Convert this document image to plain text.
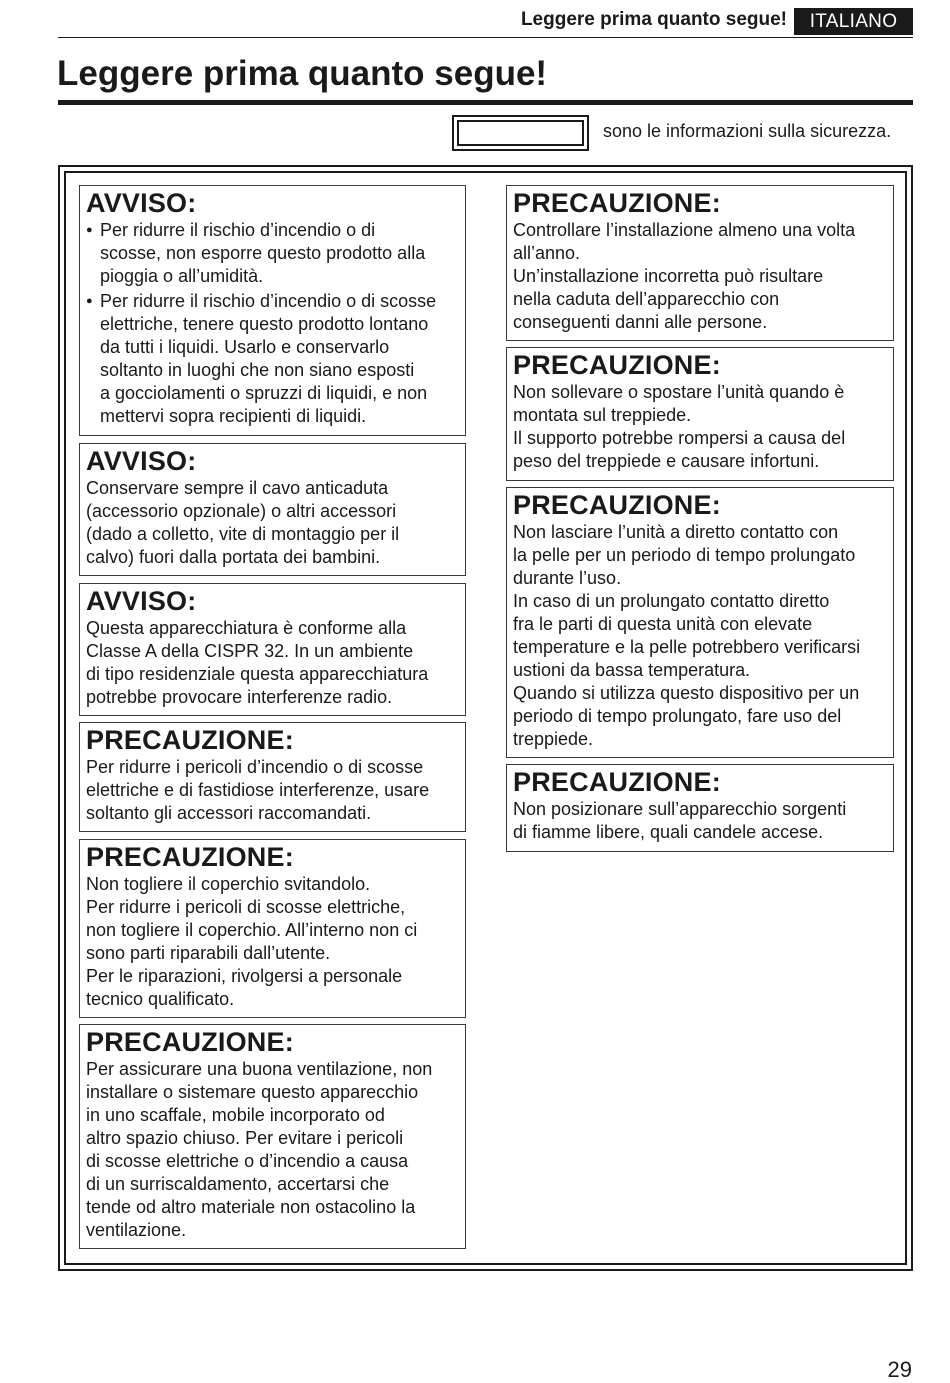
Leggere prima quanto segue!	ITALIANO
Leggere prima quanto segue!
sono le informazioni sulla sicurezza.
AVVISO:
● Per ridurre il rischio d’incendio o di
scosse, non esporre questo prodotto alla
pioggia o all’umidità.
● Per ridurre il rischio d’incendio o di scosse
elettriche, tenere questo prodotto lontano
da tutti i liquidi. Usarlo e conservarlo
soltanto in luoghi che non siano esposti
a gocciolamenti o spruzzi di liquidi, e non
mettervi sopra recipienti di liquidi.
AVVISO:

Conservare sempre il cavo anticaduta
(accessorio opzionale) o altri accessori
(dado a colletto, vite di montaggio per il
calvo) fuori dalla portata dei bambini.

AVVISO:

Questa apparecchiatura è conforme alla
Classe A della CISPR 32. In un ambiente
di tipo residenziale questa apparecchiatura
potrebbe provocare interferenze radio.

PRECAUZIONE:

Per ridurre i pericoli d’incendio o di scosse
elettriche e di fastidiose interferenze, usare
soltanto gli accessori raccomandati.

PRECAUZIONE:

Non togliere il coperchio svitandolo.
Per ridurre i pericoli di scosse elettriche,
non togliere il coperchio. All’interno non ci
sono parti riparabili dall’utente.
Per le riparazioni, rivolgersi a personale
tecnico qualificato.

PRECAUZIONE:

Per assicurare una buona ventilazione, non
installare o sistemare questo apparecchio
in uno scaffale, mobile incorporato od
altro spazio chiuso. Per evitare i pericoli
di scosse elettriche o d’incendio a causa
di un surriscaldamento, accertarsi che
tende od altro materiale non ostacolino la
ventilazione.

PRECAUZIONE:

Controllare l’installazione almeno una volta
all’anno.
Un’installazione incorretta può risultare
nella caduta dell’apparecchio con
conseguenti danni alle persone.

PRECAUZIONE:

Non sollevare o spostare l’unità quando è
montata sul treppiede.
Il supporto potrebbe rompersi a causa del
peso del treppiede e causare infortuni.

PRECAUZIONE:

Non lasciare l’unità a diretto contatto con
la pelle per un periodo di tempo prolungato
durante l’uso.
In caso di un prolungato contatto diretto
fra le parti di questa unità con elevate
temperature e la pelle potrebbero verificarsi
ustioni da bassa temperatura.
Quando si utilizza questo dispositivo per un
periodo di tempo prolungato, fare uso del
treppiede.

PRECAUZIONE:

Non posizionare sull’apparecchio sorgenti
di fiamme libere, quali candele accese.

29
